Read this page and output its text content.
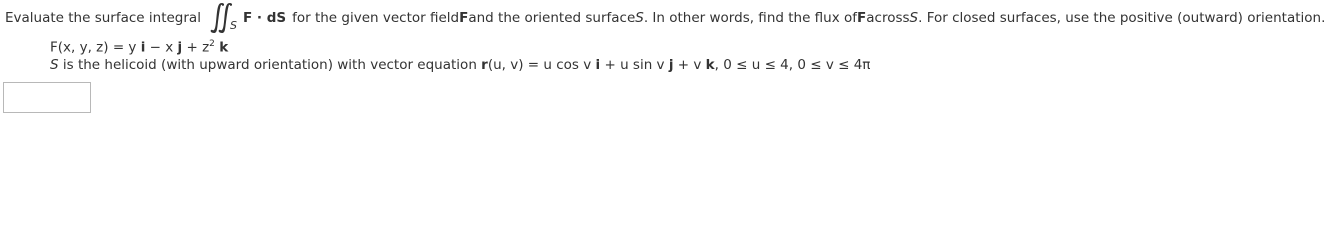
Evaluate the surface integral	S F · dS for the given vector field F and the oriented surface S . In other words, find the flux of F across S . For closed surfaces, use the positive (outward) orientation.
F(x, y, z) = y i − x $j + z^2$ k
S is the helicoid (with upward orientation) with vector equation r(u, v) = u cos v i + u sin v j + v k, 0 ≤ u ≤ 4, 0 ≤ v ≤ 4π
